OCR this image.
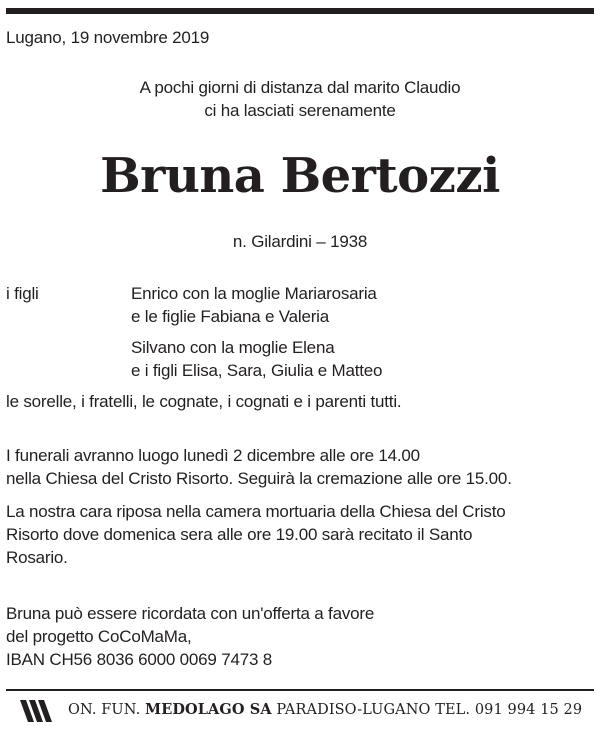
Lugano, 19 novembre 2019
A pochi giorni di distanza dal marito Claudio
ci ha lasciati serenamente
Bruna Bertozzi
n. Gilardini – 1938
i figli	Enrico con la moglie Mariarosaria
e le figlie Fabiana e Valeria
Silvano con la moglie Elena
e i figli Elisa, Sara, Giulia e Matteo
le sorelle, i fratelli, le cognate, i cognati e i parenti tutti.
I funerali avranno luogo lunedì 2 dicembre alle ore 14.00
nella Chiesa del Cristo Risorto. Seguirà la cremazione alle ore 15.00.
La nostra cara riposa nella camera mortuaria della Chiesa del Cristo
Risorto dove domenica sera alle ore 19.00 sarà recitato il Santo
Rosario.
Bruna può essere ricordata con un'offerta a favore
del progetto CoCoMaMa,
IBAN CH56 8036 6000 0069 7473 8
ON. FUN. MEDOLAGO SA PARADISO-LUGANO TEL. 091 994 15 29
